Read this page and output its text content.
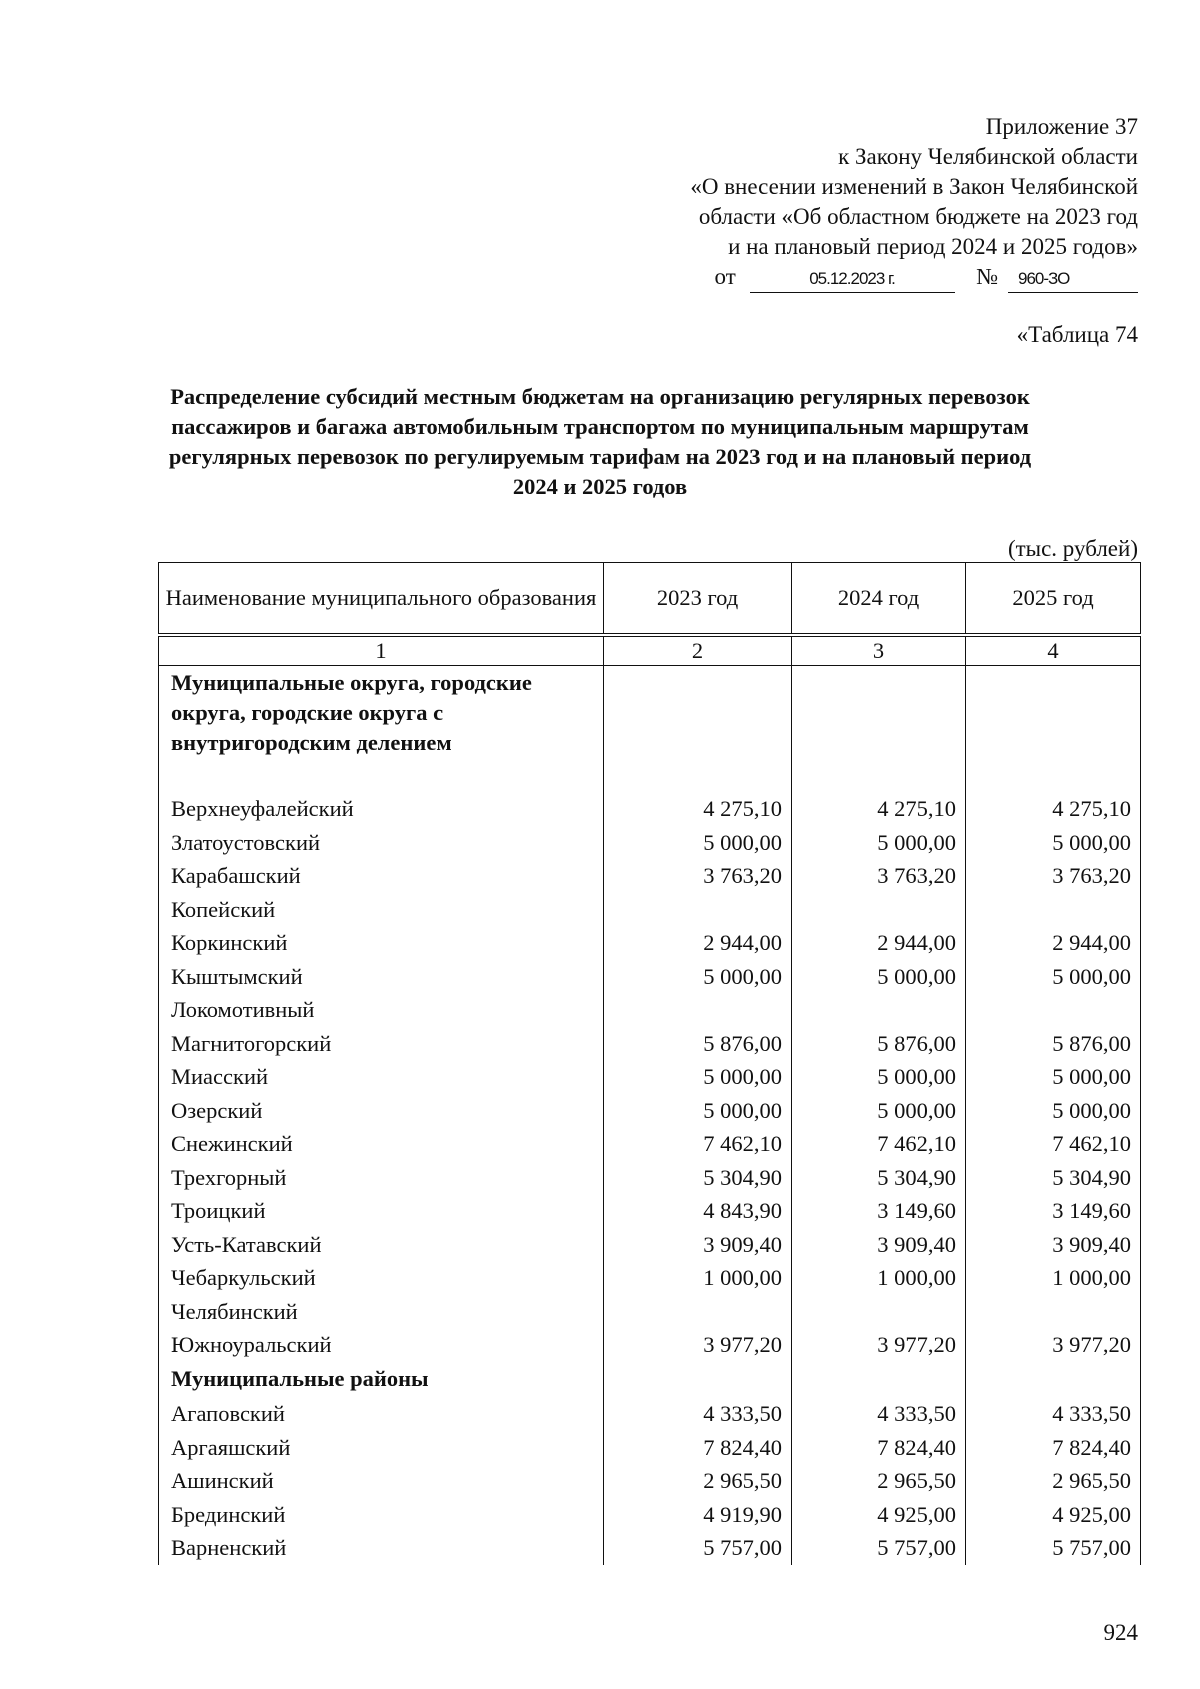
Приложение 37
к Закону Челябинской области
«О внесении изменений в Закон Челябинской
области «Об областном бюджете на 2023 год
и на плановый период 2024 и 2025 годов»
от	05.12.2023 г.	№ 960-ЗО
«Таблица 74
Распределение субсидий местным бюджетам на организацию регулярных перевозок пассажиров и багажа автомобильным транспортом по муниципальным маршрутам регулярных перевозок по регулируемым тарифам на 2023 год и на плановый период 2024 и 2025 годов
(тыс. рублей)
Наименование муниципального образования	2023 год	2024 год	2025 год
1	2	3	4
Муниципальные округа, городские округа, городские округа с внутригородским делением			
Верхнеуфалейский	4 275,10	4 275,10	4 275,10
Златоустовский	5 000,00	5 000,00	5 000,00
Карабашский	3 763,20	3 763,20	3 763,20
Копейский			
Коркинский	2 944,00	2 944,00	2 944,00
Кыштымский	5 000,00	5 000,00	5 000,00
Локомотивный			
Магнитогорский	5 876,00	5 876,00	5 876,00
Миасский	5 000,00	5 000,00	5 000,00
Озерский	5 000,00	5 000,00	5 000,00
Снежинский	7 462,10	7 462,10	7 462,10
Трехгорный	5 304,90	5 304,90	5 304,90
Троицкий	4 843,90	3 149,60	3 149,60
Усть-Катавский	3 909,40	3 909,40	3 909,40
Чебаркульский	1 000,00	1 000,00	1 000,00
Челябинский			
Южноуральский	3 977,20	3 977,20	3 977,20
Муниципальные районы			
Агаповский	4 333,50	4 333,50	4 333,50
Аргаяшский	7 824,40	7 824,40	7 824,40
Ашинский	2 965,50	2 965,50	2 965,50
Брединский	4 919,90	4 925,00	4 925,00
Варненский	5 757,00	5 757,00	5 757,00
924
